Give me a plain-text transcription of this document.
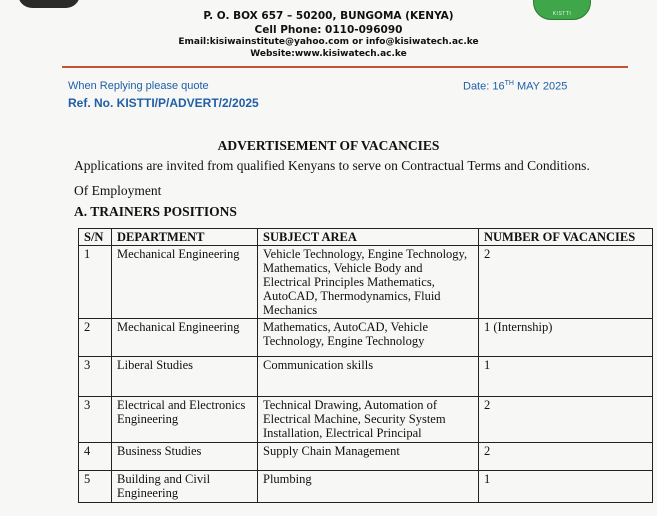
KISTTI
P. O. BOX 657 – 50200, BUNGOMA (KENYA)
Cell Phone: 0110-096090
Email:kisiwainstitute@yahoo.com or info@kisiwatech.ac.ke
Website:www.kisiwatech.ac.ke
When Replying please quote
Ref. No. KISTTI/P/ADVERT/2/2025
Date: 16TH MAY 2025
ADVERTISEMENT OF VACANCIES
Applications are invited from qualified Kenyans to serve on Contractual Terms and Conditions.
Of Employment
A. TRAINERS POSITIONS
S/N	DEPARTMENT	SUBJECT AREA	NUMBER OF VACANCIES
1	Mechanical Engineering	Vehicle Technology, Engine Technology, Mathematics, Vehicle Body and Electrical Principles Mathematics, AutoCAD, Thermodynamics, Fluid Mechanics	2
2	Mechanical Engineering	Mathematics, AutoCAD, Vehicle Technology, Engine Technology	1 (Internship)
3	Liberal Studies	Communication skills	1
3	Electrical and Electronics Engineering	Technical Drawing, Automation of Electrical Machine, Security System Installation, Electrical Principal	2
4	Business Studies	Supply Chain Management	2
5	Building and Civil Engineering	Plumbing	1
